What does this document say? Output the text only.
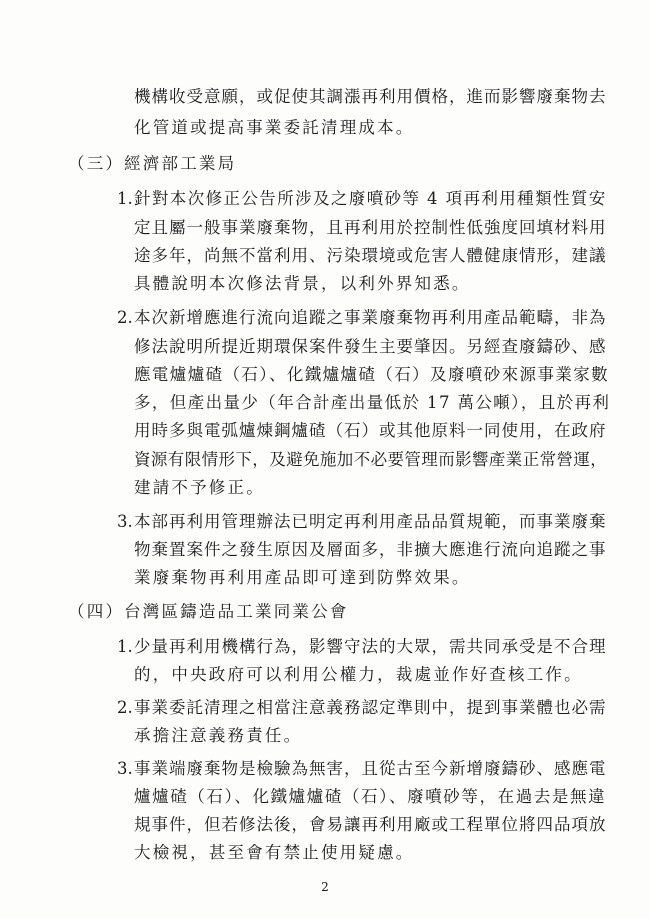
機構收受意願，或促使其調漲再利用價格，進而影響廢棄物去
化管道或提高事業委託清理成本。
（三）經濟部工業局
1. 針對本次修正公告所涉及之廢噴砂等 4 項再利用種類性質安
定且屬一般事業廢棄物，且再利用於控制性低強度回填材料用
途多年，尚無不當利用、污染環境或危害人體健康情形，建議
具體說明本次修法背景，以利外界知悉。
2. 本次新增應進行流向追蹤之事業廢棄物再利用產品範疇，非為
修法說明所提近期環保案件發生主要肇因。另經查廢鑄砂、感
應電爐爐碴（石）、化鐵爐爐碴（石）及廢噴砂來源事業家數
多，但產出量少（年合計產出量低於 17 萬公噸），且於再利
用時多與電弧爐煉鋼爐碴（石）或其他原料一同使用，在政府
資源有限情形下，及避免施加不必要管理而影響產業正常營運，
建請不予修正。
3. 本部再利用管理辦法已明定再利用產品品質規範，而事業廢棄
物棄置案件之發生原因及層面多，非擴大應進行流向追蹤之事
業廢棄物再利用產品即可達到防弊效果。
（四）台灣區鑄造品工業同業公會
1. 少量再利用機構行為，影響守法的大眾，需共同承受是不合理
的，中央政府可以利用公權力，裁處並作好查核工作。
2. 事業委託清理之相當注意義務認定準則中，提到事業體也必需
承擔注意義務責任。
3. 事業端廢棄物是檢驗為無害，且從古至今新增廢鑄砂、感應電
爐爐碴（石）、化鐵爐爐碴（石）、廢噴砂等，在過去是無違
規事件，但若修法後，會易讓再利用廠或工程單位將四品項放
大檢視，甚至會有禁止使用疑慮。
2
